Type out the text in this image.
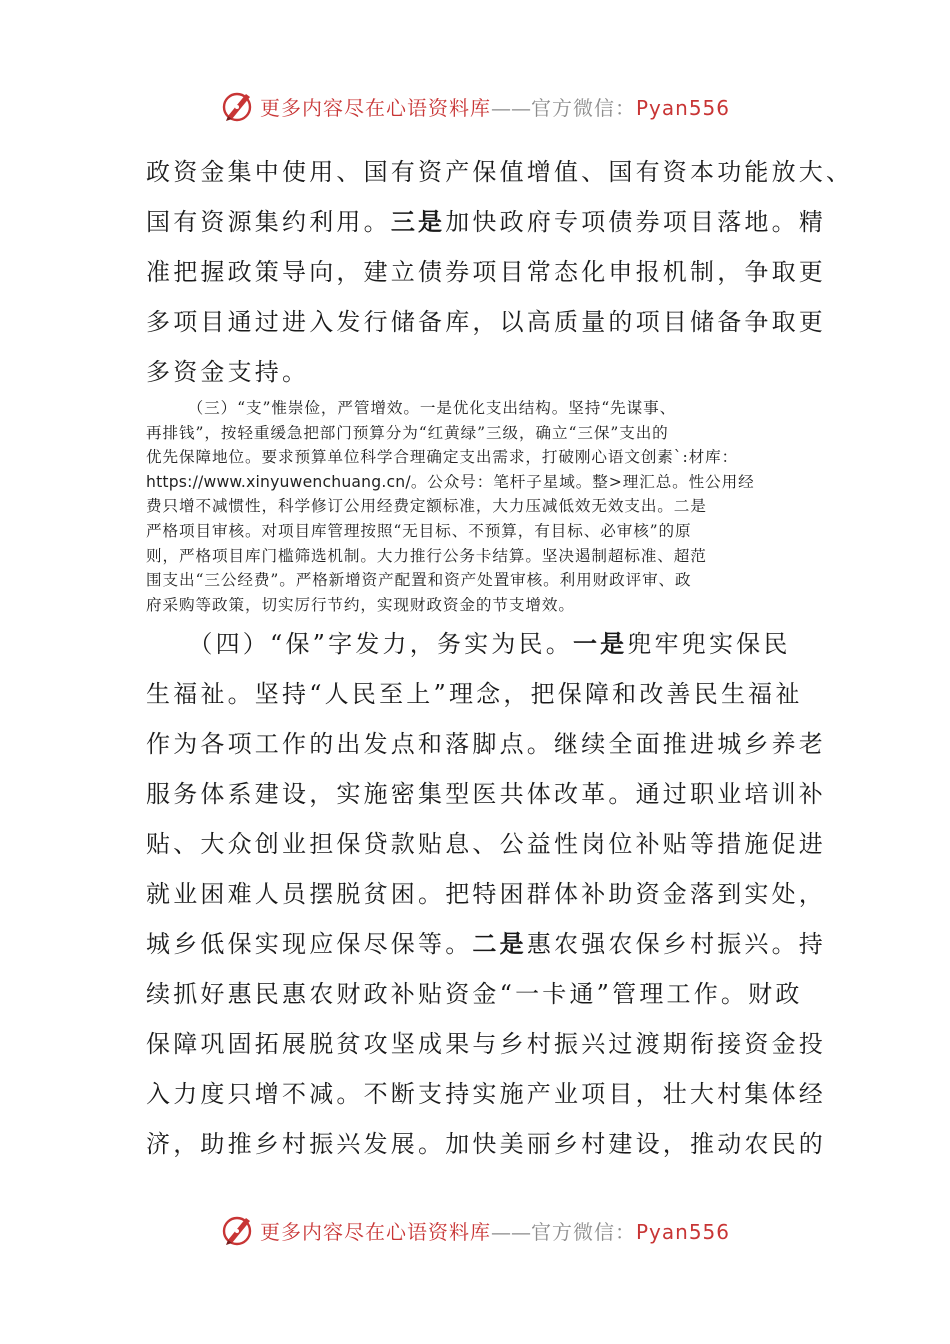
更多内容尽在心语资料库——官方微信：Pyan556
政资金集中使用、国有资产保值增值、国有资本功能放大、
国有资源集约利用。三是加快政府专项债券项目落地。精
准把握政策导向，建立债券项目常态化申报机制，争取更
多项目通过进入发行储备库，以高质量的项目储备争取更
多资金支持。
　　　（三）“支”惟崇俭，严管增效。一是优化支出结构。坚持“先谋事、
再排钱”，按轻重缓急把部门预算分为“红黄绿”三级，确立“三保”支出的
优先保障地位。要求预算单位科学合理确定支出需求，打破刚心语文创素`:材库：
https://www.xinyuwenchuang.cn/。公众号：笔杆子星域。整>理汇总。性公用经
费只增不减惯性，科学修订公用经费定额标准，大力压减低效无效支出。二是
严格项目审核。对项目库管理按照“无目标、不预算，有目标、必审核”的原
则，严格项目库门槛筛选机制。大力推行公务卡结算。坚决遏制超标准、超范
围支出“三公经费”。严格新增资产配置和资产处置审核。利用财政评审、政
府采购等政策，切实厉行节约，实现财政资金的节支增效。
　　（四）“保”字发力，务实为民。一是兜牢兜实保民
生福祉。坚持“人民至上”理念，把保障和改善民生福祉
作为各项工作的出发点和落脚点。继续全面推进城乡养老
服务体系建设，实施密集型医共体改革。通过职业培训补
贴、大众创业担保贷款贴息、公益性岗位补贴等措施促进
就业困难人员摆脱贫困。把特困群体补助资金落到实处，
城乡低保实现应保尽保等。二是惠农强农保乡村振兴。持
续抓好惠民惠农财政补贴资金“一卡通”管理工作。财政
保障巩固拓展脱贫攻坚成果与乡村振兴过渡期衔接资金投
入力度只增不减。不断支持实施产业项目，壮大村集体经
济，助推乡村振兴发展。加快美丽乡村建设，推动农民的
更多内容尽在心语资料库——官方微信：Pyan556
